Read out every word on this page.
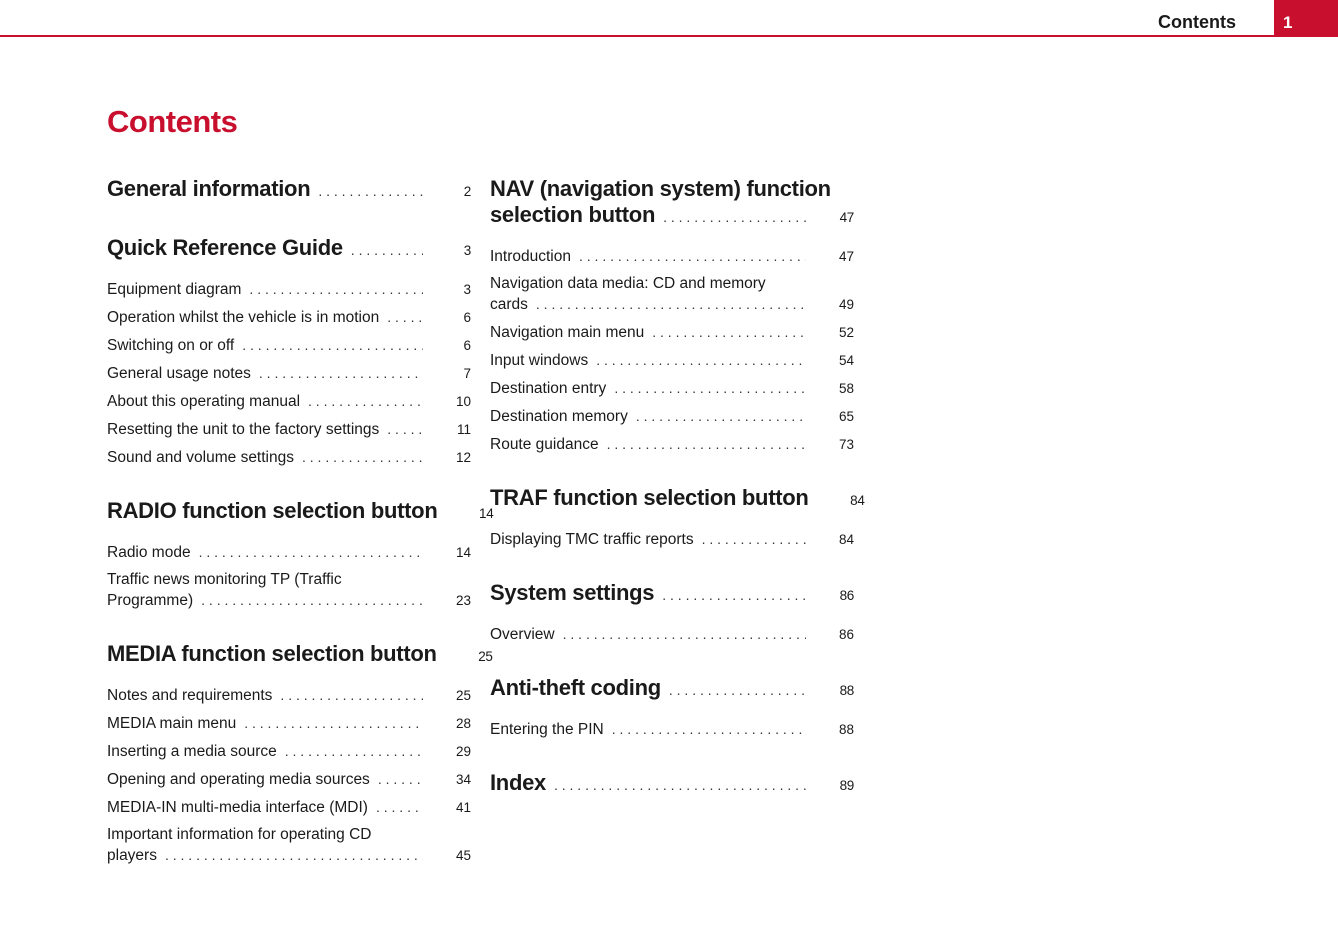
Contents	1
Contents
General information . . .	2
Quick Reference Guide . . .	3
Equipment diagram . . .	3
Operation whilst the vehicle is in motion . . .	6
Switching on or off . . .	6
General usage notes . . .	7
About this operating manual . . .	10
Resetting the unit to the factory settings . . .	11
Sound and volume settings . . .	12
RADIO function selection button	14
Radio mode . . .	14
Traffic news monitoring TP (Traffic
Programme) . . .	23
MEDIA function selection button	25
Notes and requirements . . .	25
MEDIA main menu . . .	28
Inserting a media source . . .	29
Opening and operating media sources . . .	34
MEDIA-IN multi-media interface (MDI) . . .	41
Important information for operating CD
players . . .	45
NAV (navigation system) function
selection button . . .	47
Introduction . . .	47
Navigation data media: CD and memory
cards . . .	49
Navigation main menu . . .	52
Input windows . . .	54
Destination entry . . .	58
Destination memory . . .	65
Route guidance . . .	73
TRAF function selection button	84
Displaying TMC traffic reports . . .	84
System settings . . .	86
Overview . . .	86
Anti-theft coding . . .	88
Entering the PIN . . .	88
Index . . .	89
